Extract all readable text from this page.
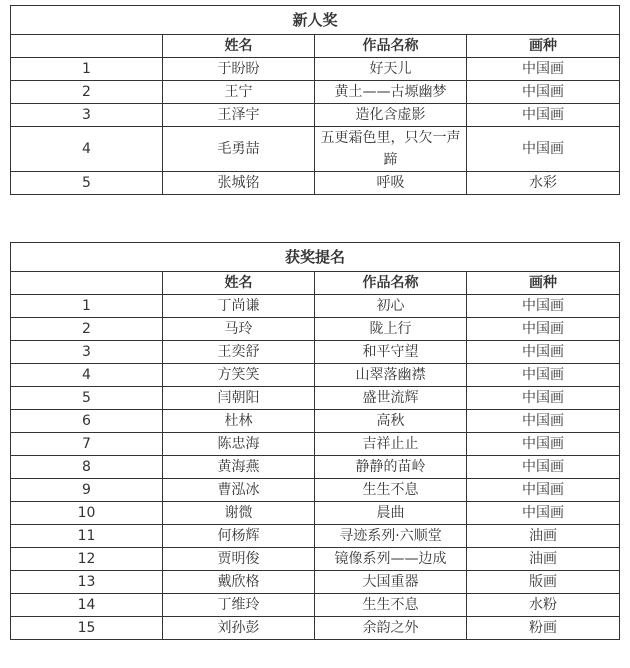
新人奖			
	姓名	作品名称	画种
1	于盼盼	好天儿	中国画
2	王宁	黄土——古塬幽梦	中国画
3	王泽宇	造化含虚影	中国画
4	毛勇喆	五更霜色里，只欠一声蹄	中国画
5	张城铭	呼吸	水彩
获奖提名			
	姓名	作品名称	画种
1	丁尚谦	初心	中国画
2	马玲	陇上行	中国画
3	王奕舒	和平守望	中国画
4	方笑笑	山翠落幽襟	中国画
5	闫朝阳	盛世流辉	中国画
6	杜林	高秋	中国画
7	陈忠海	吉祥止止	中国画
8	黄海燕	静静的苗岭	中国画
9	曹泓冰	生生不息	中国画
10	谢微	晨曲	中国画
11	何杨辉	寻迹系列·六顺堂	油画
12	贾明俊	镜像系列——边成	油画
13	戴欣格	大国重器	版画
14	丁维玲	生生不息	水粉
15	刘孙彭	余韵之外	粉画
